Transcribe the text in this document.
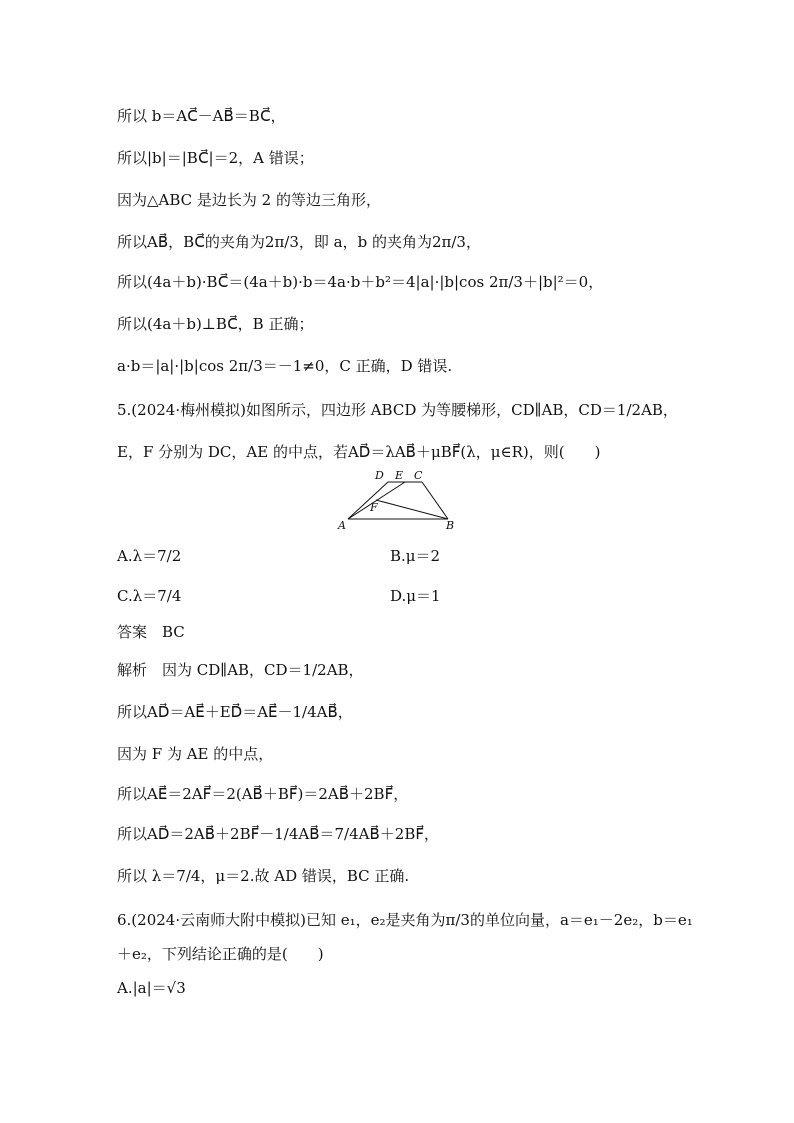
所以 b＝AC⃗－AB⃗＝BC⃗，
所以|b|＝|BC⃗|＝2，A 错误；
因为△ABC 是边长为 2 的等边三角形，
所以AB⃗，BC⃗的夹角为2π/3，即 a，b 的夹角为2π/3，
所以(4a＋b)·BC⃗＝(4a＋b)·b＝4a·b＋b²＝4|a|·|b|cos 2π/3＋|b|²＝0，
所以(4a＋b)⊥BC⃗，B 正确；
a·b＝|a|·|b|cos 2π/3＝－1≠0，C 正确，D 错误.
5.(2024·梅州模拟)如图所示，四边形 ABCD 为等腰梯形，CD∥AB，CD＝1/2AB，
E，F 分别为 DC，AE 的中点，若AD⃗＝λAB⃗＋μBF⃗(λ，μ∈R)，则(　　)
A	B
C
D E
F
A.λ＝7/2	B.μ＝2
C.λ＝7/4	D.μ＝1
答案　BC
解析　因为 CD∥AB，CD＝1/2AB，
所以AD⃗＝AE⃗＋ED⃗＝AE⃗－1/4AB⃗，
因为 F 为 AE 的中点，
所以AE⃗＝2AF⃗＝2(AB⃗＋BF⃗)＝2AB⃗＋2BF⃗，
所以AD⃗＝2AB⃗＋2BF⃗－1/4AB⃗＝7/4AB⃗＋2BF⃗，
所以 λ＝7/4，μ＝2.故 AD 错误，BC 正确.
6.(2024·云南师大附中模拟)已知 e₁，e₂是夹角为π/3的单位向量，a＝e₁－2e₂，b＝e₁
＋e₂，下列结论正确的是(　　)
A.|a|＝√3
